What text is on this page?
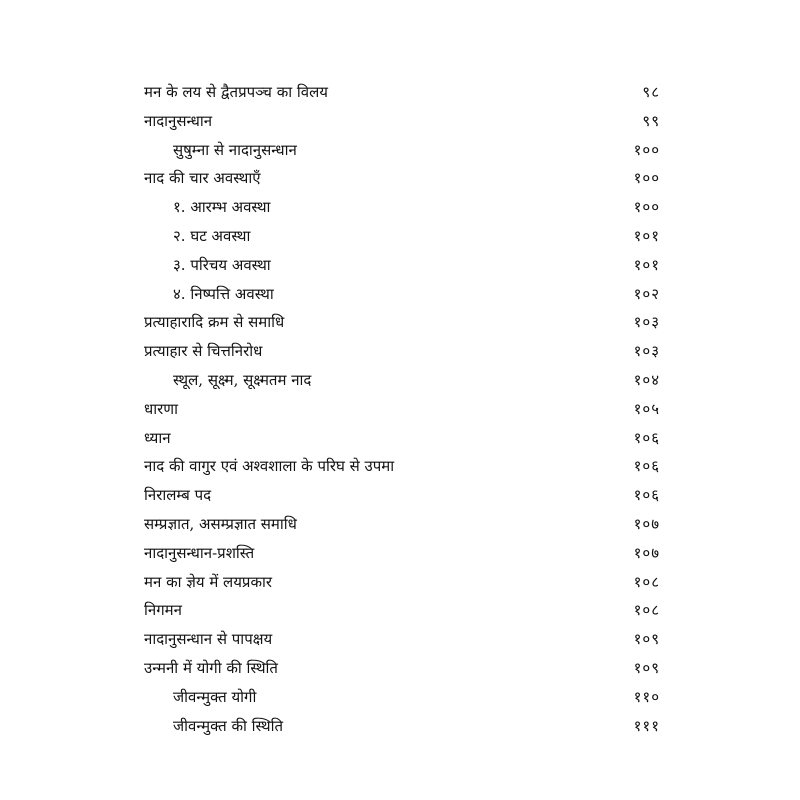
मन के लय से द्वैतप्रपञ्च का विलय	९८
नादानुसन्धान	९९
सुषुम्ना से नादानुसन्धान	१००
नाद की चार अवस्थाएँ	१००
१. आरम्भ अवस्था	१००
२. घट अवस्था	१०१
३. परिचय अवस्था	१०१
४. निष्पत्ति अवस्था	१०२
प्रत्याहारादि क्रम से समाधि	१०३
प्रत्याहार से चित्तनिरोध	१०३
स्थूल, सूक्ष्म, सूक्ष्मतम नाद	१०४
धारणा	१०५
ध्यान	१०६
नाद की वागुर एवं अश्वशाला के परिघ से उपमा	१०६
निरालम्ब पद	१०६
सम्प्रज्ञात, असम्प्रज्ञात समाधि	१०७
नादानुसन्धान-प्रशस्ति	१०७
मन का ज्ञेय में लयप्रकार	१०८
निगमन	१०८
नादानुसन्धान से पापक्षय	१०९
उन्मनी में योगी की स्थिति	१०९
जीवन्मुक्त योगी	११०
जीवन्मुक्त की स्थिति	१११
